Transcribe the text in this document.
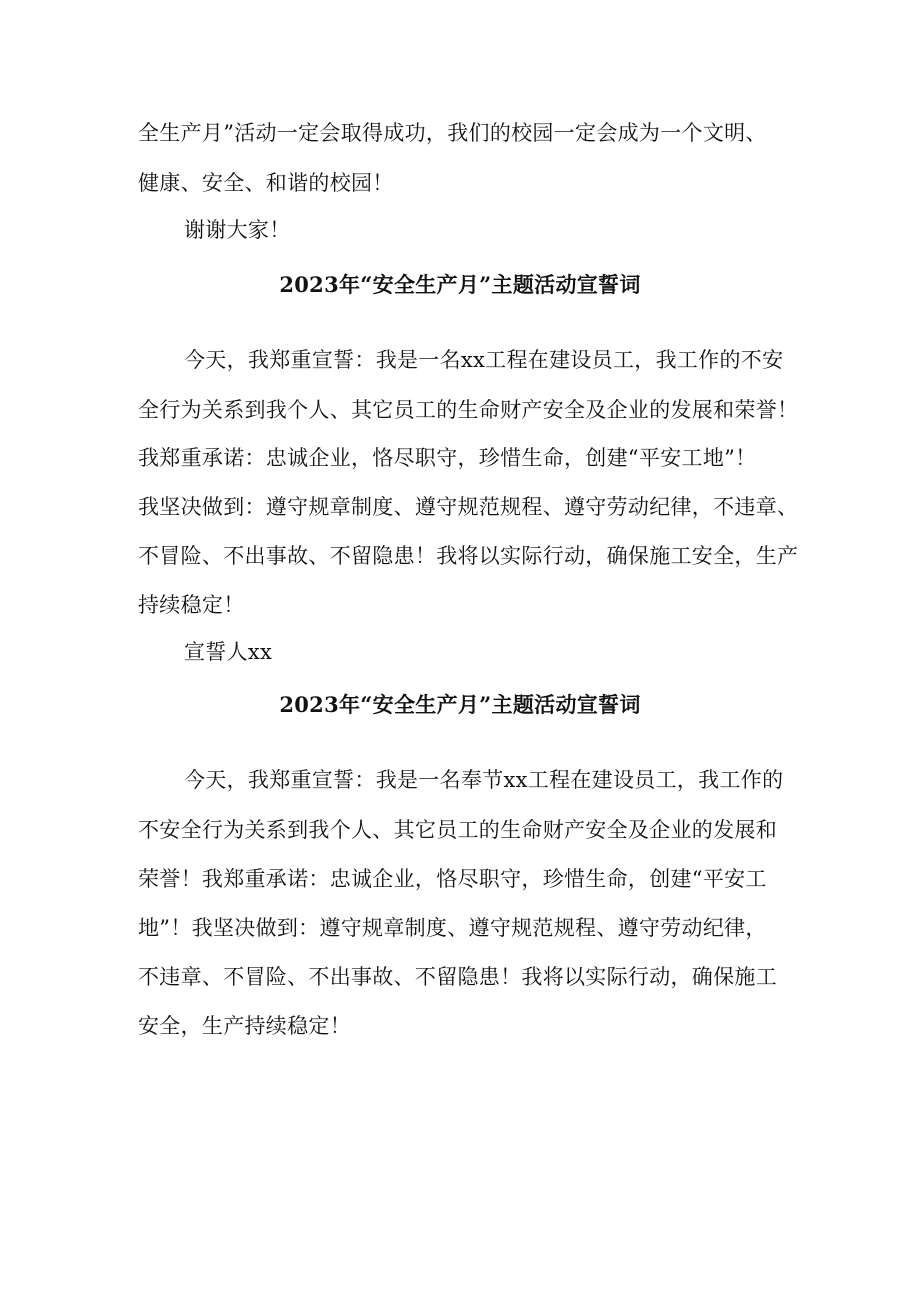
全生产月”活动一定会取得成功，我们的校园一定会成为一个文明、
健康、安全、和谐的校园！
谢谢大家！
2023年“安全生产月”主题活动宣誓词
今天，我郑重宣誓：我是一名xx工程在建设员工，我工作的不安
全行为关系到我个人、其它员工的生命财产安全及企业的发展和荣誉！
我郑重承诺：忠诚企业，恪尽职守，珍惜生命，创建“平安工地”！
我坚决做到：遵守规章制度、遵守规范规程、遵守劳动纪律，不违章、
不冒险、不出事故、不留隐患！我将以实际行动，确保施工安全，生产
持续稳定！
宣誓人xx
2023年“安全生产月”主题活动宣誓词
今天，我郑重宣誓：我是一名奉节xx工程在建设员工，我工作的
不安全行为关系到我个人、其它员工的生命财产安全及企业的发展和
荣誉！我郑重承诺：忠诚企业，恪尽职守，珍惜生命，创建“平安工
地”！我坚决做到：遵守规章制度、遵守规范规程、遵守劳动纪律，
不违章、不冒险、不出事故、不留隐患！我将以实际行动，确保施工
安全，生产持续稳定！
